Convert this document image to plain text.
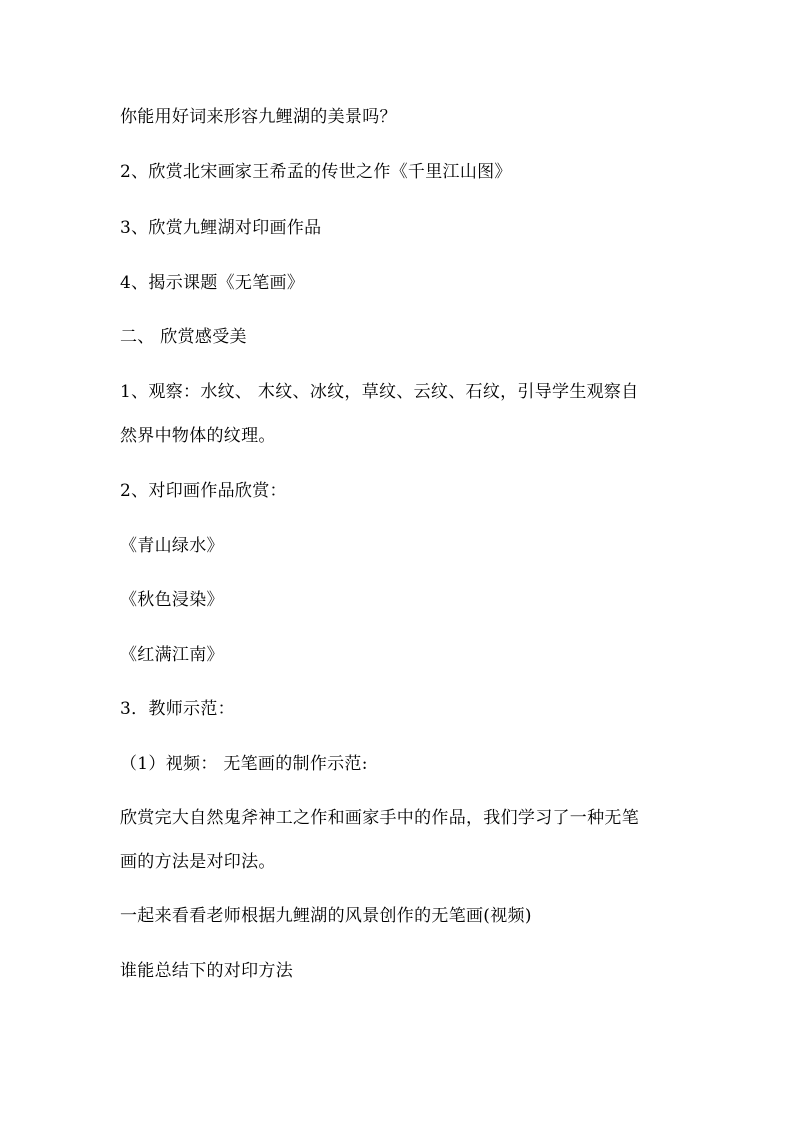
你能用好词来形容九鲤湖的美景吗？
2、欣赏北宋画家王希孟的传世之作《千里江山图》
3、欣赏九鲤湖对印画作品
4、揭示课题《无笔画》
二、 欣赏感受美
1、观察：水纹、 木纹、冰纹，草纹、云纹、石纹，引导学生观察自
然界中物体的纹理。
2、对印画作品欣赏：
《青山绿水》
《秋色浸染》
《红满江南》
3．教师示范：
（1）视频： 无笔画的制作示范:
欣赏完大自然鬼斧神工之作和画家手中的作品，我们学习了一种无笔
画的方法是对印法。
一起来看看老师根据九鲤湖的风景创作的无笔画(视频)
谁能总结下的对印方法
